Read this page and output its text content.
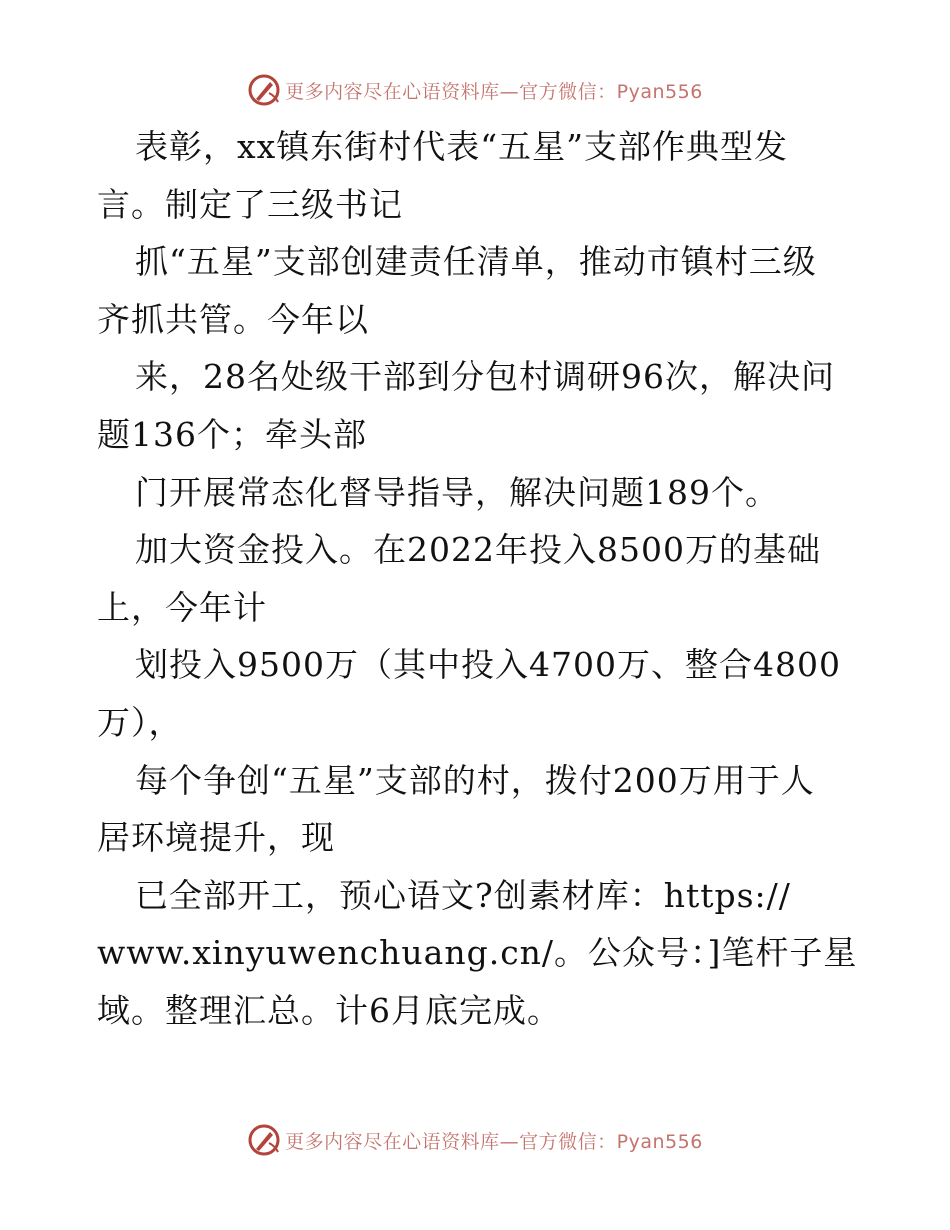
更多内容尽在心语资料库—官方微信：Pyan556
表彰，xx镇东街村代表“五星”支部作典型发
言。制定了三级书记
抓“五星”支部创建责任清单，推动市镇村三级
齐抓共管。今年以
来，28名处级干部到分包村调研96次，解决问
题136个；牵头部
门开展常态化督导指导，解决问题189个。
加大资金投入。在2022年投入8500万的基础
上，今年计
划投入9500万（其中投入4700万、整合4800
万），
每个争创“五星”支部的村，拨付200万用于人
居环境提升，现
已全部开工，预心语文?创素材库：https://
www.xinyuwenchuang.cn/。公众号：]笔杆子星
域。整理汇总。计6月底完成。
更多内容尽在心语资料库—官方微信：Pyan556
